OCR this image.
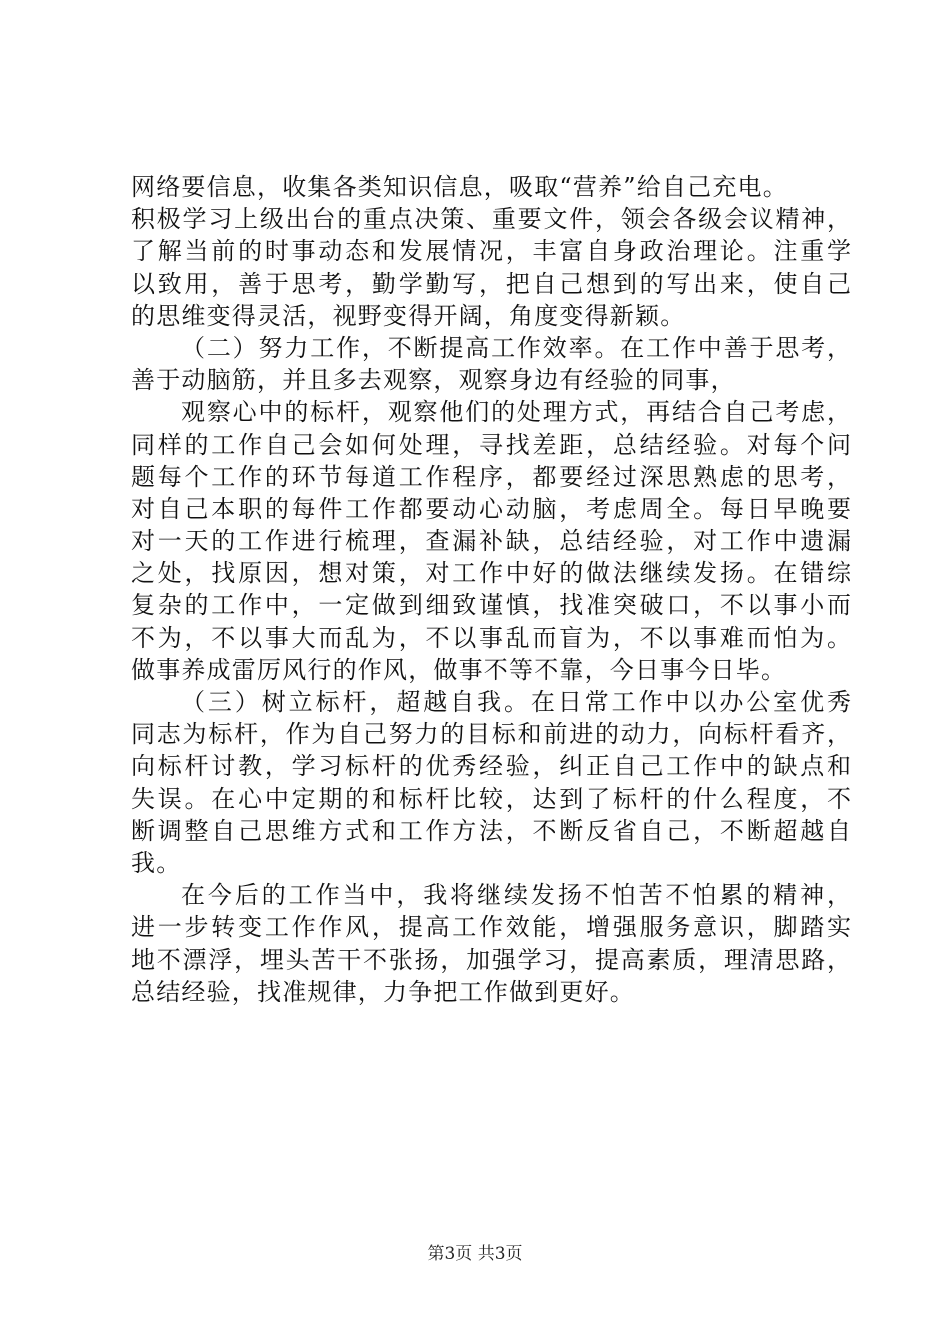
网络要信息，收集各类知识信息，吸取“营养”给自己充电。
积极学习上级出台的重点决策、重要文件，领会各级会议精神，
了解当前的时事动态和发展情况，丰富自身政治理论。注重学
以致用，善于思考，勤学勤写，把自己想到的写出来，使自己
的思维变得灵活，视野变得开阔，角度变得新颖。
（二）努力工作，不断提高工作效率。在工作中善于思考，
善于动脑筋，并且多去观察，观察身边有经验的同事，
观察心中的标杆，观察他们的处理方式，再结合自己考虑，
同样的工作自己会如何处理，寻找差距，总结经验。对每个问
题每个工作的环节每道工作程序，都要经过深思熟虑的思考，
对自己本职的每件工作都要动心动脑，考虑周全。每日早晚要
对一天的工作进行梳理，查漏补缺，总结经验，对工作中遗漏
之处，找原因，想对策，对工作中好的做法继续发扬。在错综
复杂的工作中，一定做到细致谨慎，找准突破口，不以事小而
不为，不以事大而乱为，不以事乱而盲为，不以事难而怕为。
做事养成雷厉风行的作风，做事不等不靠，今日事今日毕。
（三）树立标杆，超越自我。在日常工作中以办公室优秀
同志为标杆，作为自己努力的目标和前进的动力，向标杆看齐，
向标杆讨教，学习标杆的优秀经验，纠正自己工作中的缺点和
失误。在心中定期的和标杆比较，达到了标杆的什么程度，不
断调整自己思维方式和工作方法，不断反省自己，不断超越自
我。
在今后的工作当中，我将继续发扬不怕苦不怕累的精神，
进一步转变工作作风，提高工作效能，增强服务意识，脚踏实
地不漂浮，埋头苦干不张扬，加强学习，提高素质，理清思路，
总结经验，找准规律，力争把工作做到更好。
第3页 共3页
